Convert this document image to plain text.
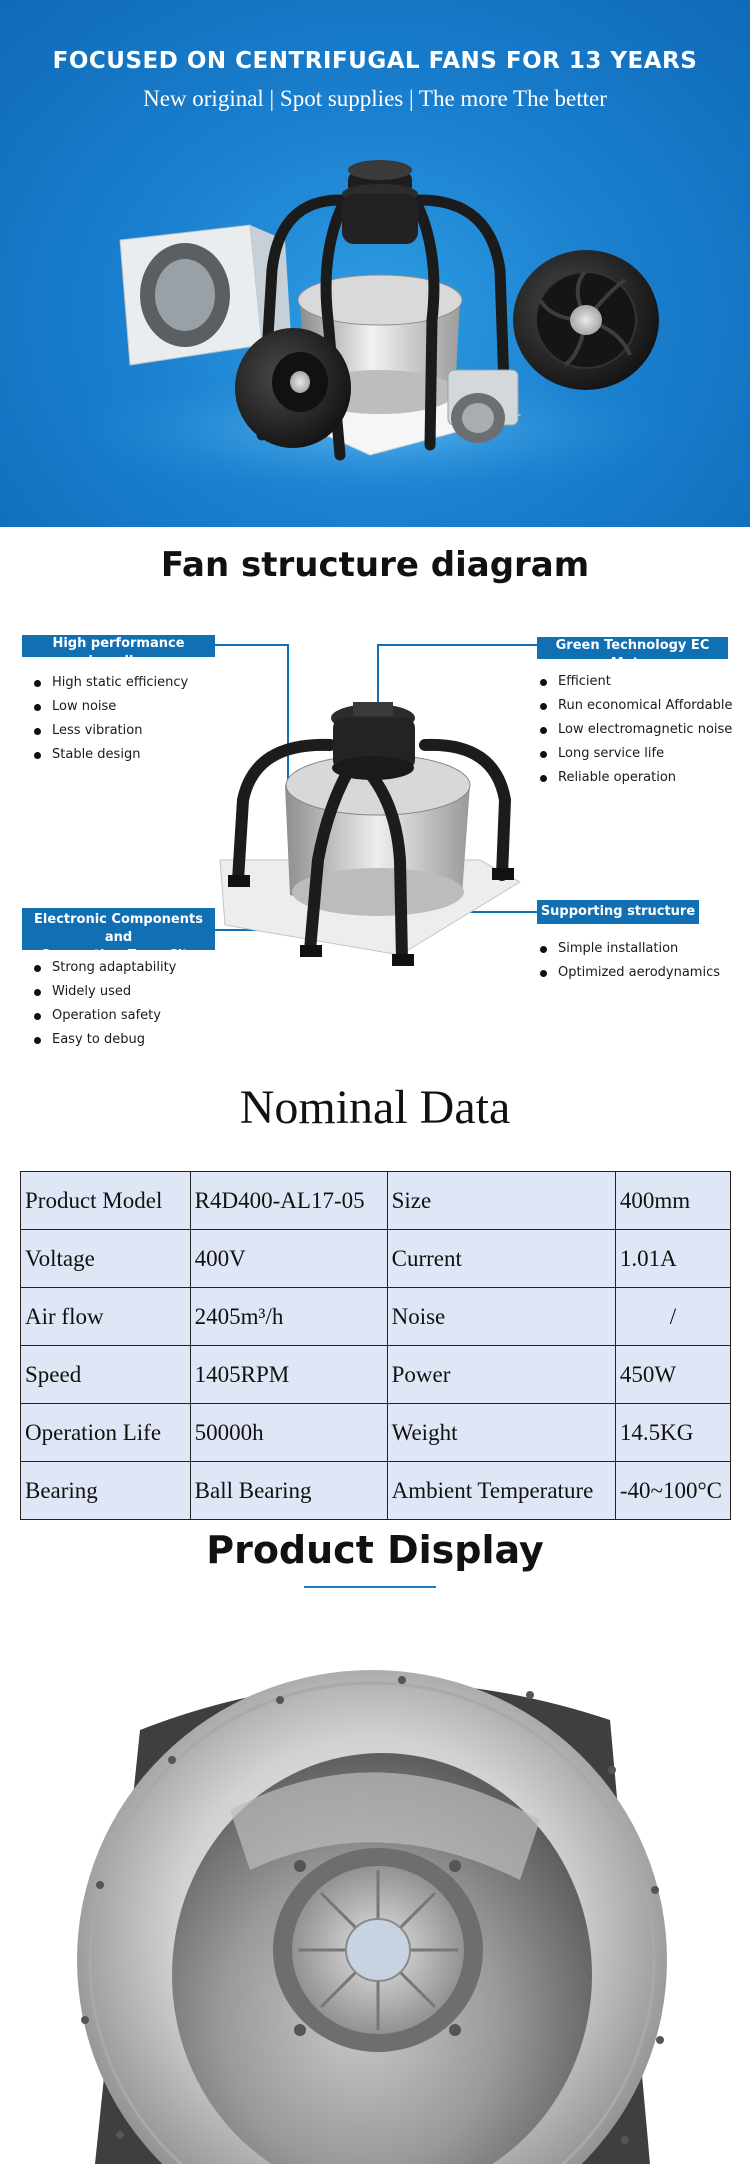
FOCUSED ON CENTRIFUGAL FANS FOR 13 YEARS
New original | Spot supplies | The more The better
Fan structure diagram
High performance impeller
High static efficiency
Low noise
Less vibration
Stable design
Green Technology EC Motor
Efficient
Run economical Affordable
Low electromagnetic noise
Long service life
Reliable operation
Electronic Components and
Connection Zone City
Strong adaptability
Widely used
Operation safety
Easy to debug
Supporting structure
Simple installation
Optimized aerodynamics
Nominal Data
Product Model	R4D400-AL17-05	Size	400mm
Voltage	400V	Current	1.01A
Air flow	2405m³/h	Noise	/
Speed	1405RPM	Power	450W
Operation Life	50000h	Weight	14.5KG
Bearing	Ball Bearing	Ambient Temperature	-40~100°C
Product Display
